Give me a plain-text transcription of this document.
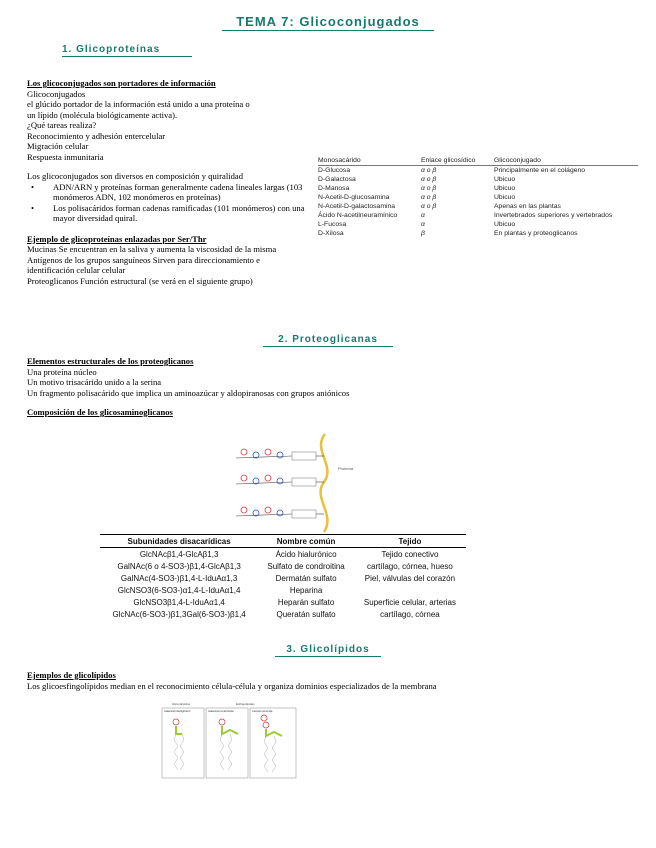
TEMA 7: Glicoconjugados
1. Glicoproteínas
Los glicoconjugados son portadores de información
Glicoconjugados
el glúcido portador de la información está unido a una proteína o
un lípido (molécula biológicamente activa).
¿Qué tareas realiza?
Reconocimiento y adhesión entercelular
Migración celular
Respuesta inmunitaria
Los glicoconjugados son diversos en composición y quiralidad
• ADN/ARN y proteínas forman generalmente cadena lineales largas (103 monómeros ADN, 102 monómeros en proteínas)
• Los polisacáridos forman cadenas ramificadas (101 monómeros) con una mayor diversidad quiral.
Ejemplo de glicoproteínas enlazadas por Ser/Thr
Mucinas Se encuentran en la saliva y aumenta la viscosidad de la misma
Antígenos de los grupos sanguíneos Sirven para direccionamiento e
identificación celular celular
Proteoglicanos Función estructural (se verá en el siguiente grupo)
Monosacárido	Enlace glicosídico	Glicoconjugado
D-Glucosa	α o β	Principalmente en el colágeno
D-Galactosa	α o β	Ubicuo
D-Manosa	α o β	Ubicuo
N-Acetil-D-glucosamina	α o β	Ubicuo
N-Acetil-D-galactosamina	α o β	Apenas en las plantas
Ácido N-acetilneuramínico	α	Invertebrados superiores y vertebrados
L-Fucosa	α	Ubicuo
D-Xilosa	β	En plantas y proteoglicanos
2. Proteoglicanas
Elementos estructurales de los proteoglicanos
Una proteína núcleo
Un motivo trisacárido unido a la serina
Un fragmento polisacárido que implica un aminoazúcar y aldopiranosas con grupos aniónicos
Composición de los glicosaminoglicanos
Proteína
Subunidades disacarídicas	Nombre común	Tejido
GlcNAcβ1,4-GlcAβ1,3	Ácido hialurónico	Tejido conectivo
GalNAc(6 o 4-SO3-)β1,4-GlcAβ1,3	Sulfato de condroitina	cartílago, córnea, hueso
GalNAc(4-SO3-)β1,4-L-IduAα1,3	Dermatán sulfato	Piel, válvulas del corazón
GlcNSO3(6-SO3-)α1,4-L-IduAα1,4	Heparina	
GlcNSO3β1,4-L-IduAα1,4	Heparán sulfato	Superficie celular, arterias
GlcNAc(6-SO3-)β1,3Gal(6-SO3-)β1,4	Queratán sulfato	cartílago, córnea
3. Glicolípidos
Ejemplos de glicolípidos
Los glicoesfingolípidos median en el reconocimiento célula-célula y organiza dominios especializados de la membrana
Glicerolípidos	Esfingolípidos
Galactosil-diacilglicerol	Galactosil-cerebrósido	Lactosil-ceramida
